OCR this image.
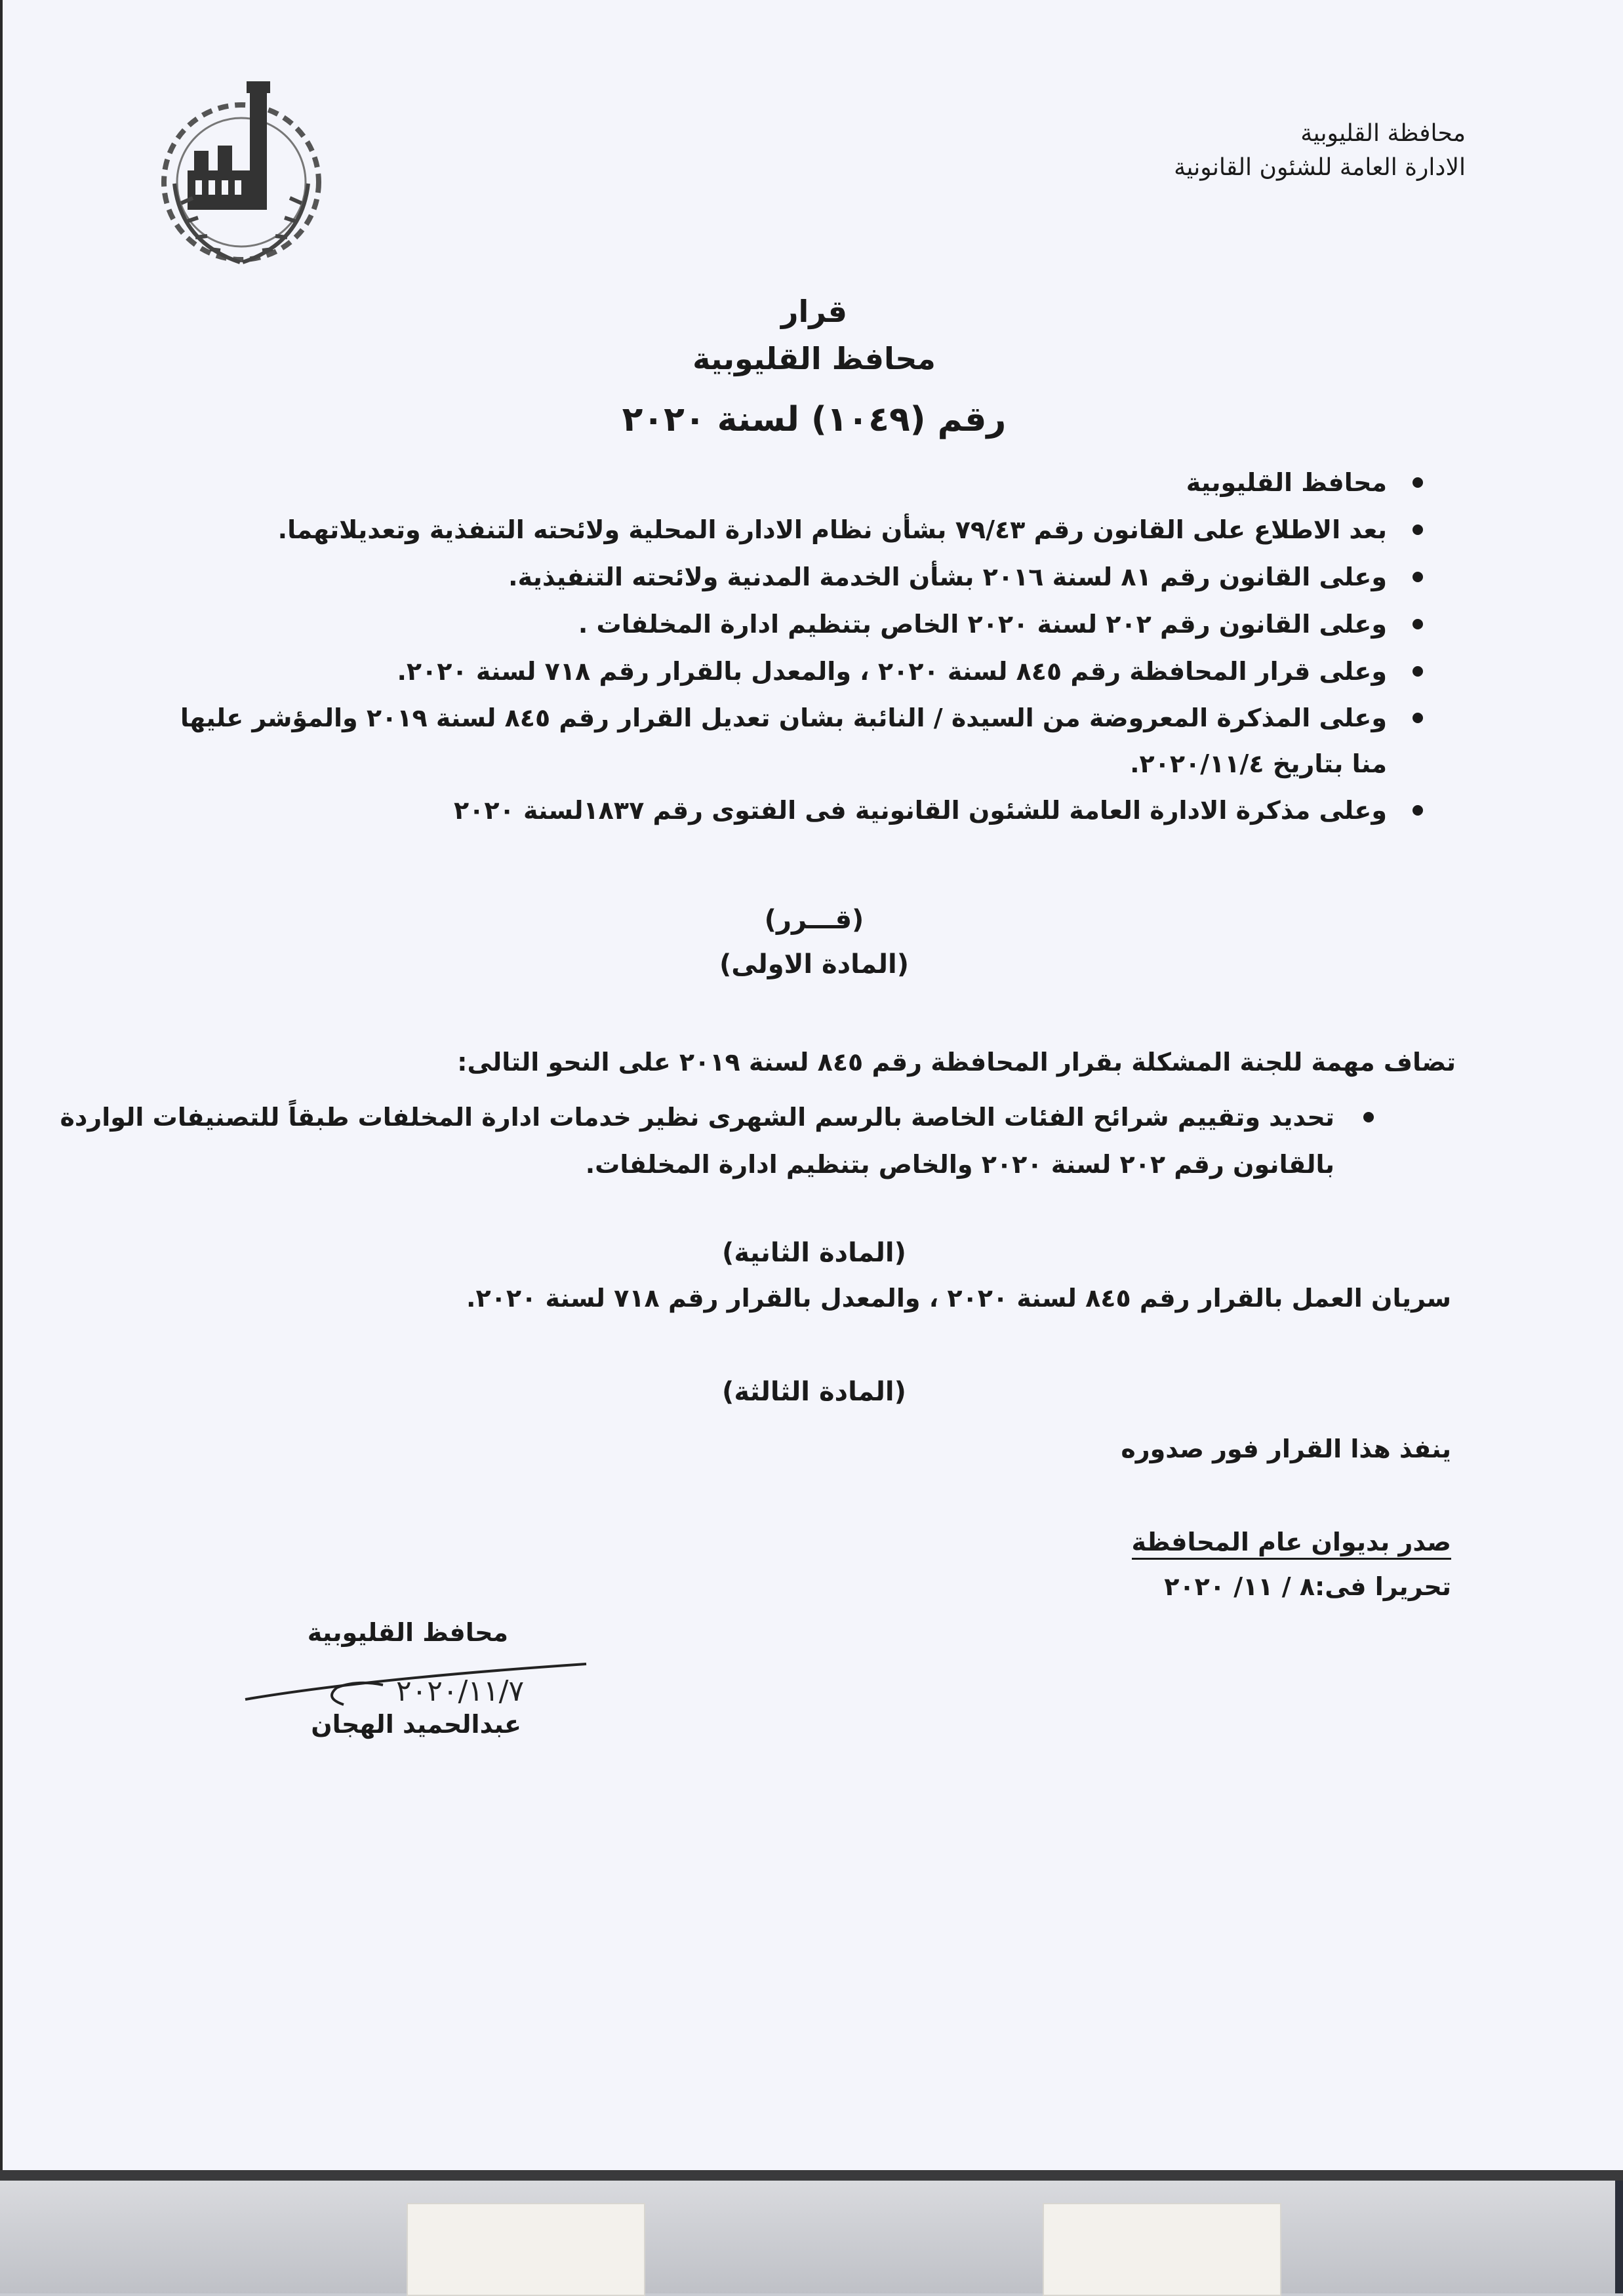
محافظة القليوبية
الادارة العامة للشئون القانونية
قرار
محافظ القليوبية
رقم (١٠٤٩) لسنة ٢٠٢٠
محافظ القليوبية
بعد الاطلاع على القانون رقم ٧٩/٤٣ بشأن نظام الادارة المحلية ولائحته التنفذية وتعديلاتهما.
وعلى القانون رقم ٨١ لسنة ٢٠١٦ بشأن الخدمة المدنية ولائحته التنفيذية.
وعلى القانون رقم ٢٠٢ لسنة ٢٠٢٠ الخاص بتنظيم ادارة المخلفات .
وعلى قرار المحافظة رقم ٨٤٥ لسنة ٢٠٢٠ ، والمعدل بالقرار رقم ٧١٨ لسنة ٢٠٢٠.
وعلى المذكرة المعروضة من السيدة / النائبة بشان تعديل القرار رقم ٨٤٥ لسنة ٢٠١٩ والمؤشر عليها منا بتاريخ ٢٠٢٠/١١/٤.
وعلى مذكرة الادارة العامة للشئون القانونية فى الفتوى رقم ١٨٣٧لسنة ٢٠٢٠
(قـــرر)
(المادة الاولى)
تضاف مهمة للجنة المشكلة بقرار المحافظة رقم ٨٤٥ لسنة ٢٠١٩ على النحو التالى:
تحديد وتقييم شرائح الفئات الخاصة بالرسم الشهرى نظير خدمات ادارة المخلفات طبقاً للتصنيفات الواردة بالقانون رقم ٢٠٢ لسنة ٢٠٢٠ والخاص بتنظيم ادارة المخلفات.
(المادة الثانية)
سريان العمل بالقرار رقم ٨٤٥ لسنة ٢٠٢٠ ، والمعدل بالقرار رقم ٧١٨ لسنة ٢٠٢٠.
(المادة الثالثة)
ينفذ هذا القرار فور صدوره
صدر بديوان عام المحافظة
تحريرا فى:٨ / ١١/ ٢٠٢٠
محافظ القليوبية
٢٠٢٠/١١/٧
عبدالحميد الهجان
